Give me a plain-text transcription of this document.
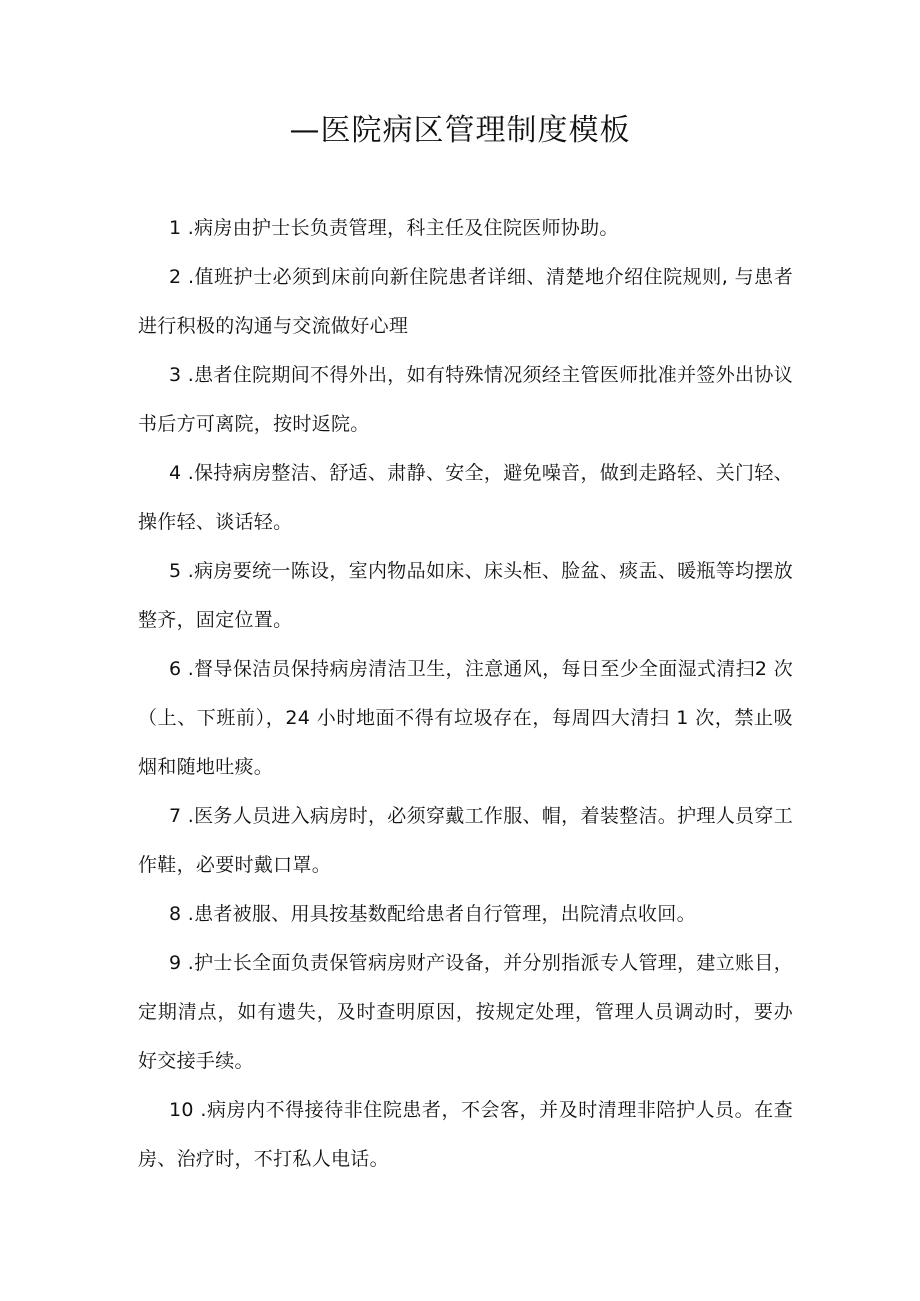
—医院病区管理制度模板

1 .病房由护士长负责管理，科主任及住院医师协助。

2 .值班护士必须到床前向新住院患者详细、清楚地介绍住院规则, 与患者进行积极的沟通与交流做好心理

3 .患者住院期间不得外出，如有特殊情况须经主管医师批准并签外出协议书后方可离院，按时返院。

4 .保持病房整洁、舒适、肃静、安全，避免噪音，做到走路轻、关门轻、操作轻、谈话轻。

5 .病房要统一陈设，室内物品如床、床头柜、脸盆、痰盂、暖瓶等均摆放整齐，固定位置。

6 .督导保洁员保持病房清洁卫生，注意通风，每日至少全面湿式清扫2 次（上、下班前），24 小时地面不得有垃圾存在，每周四大清扫 1 次，禁止吸烟和随地吐痰。

7 .医务人员进入病房时，必须穿戴工作服、帽，着装整洁。护理人员穿工作鞋，必要时戴口罩。

8 .患者被服、用具按基数配给患者自行管理，出院清点收回。

9 .护士长全面负责保管病房财产设备，并分别指派专人管理，建立账目，定期清点，如有遗失，及时查明原因，按规定处理，管理人员调动时，要办好交接手续。

10 .病房内不得接待非住院患者，不会客，并及时清理非陪护人员。在查房、治疗时，不打私人电话。
